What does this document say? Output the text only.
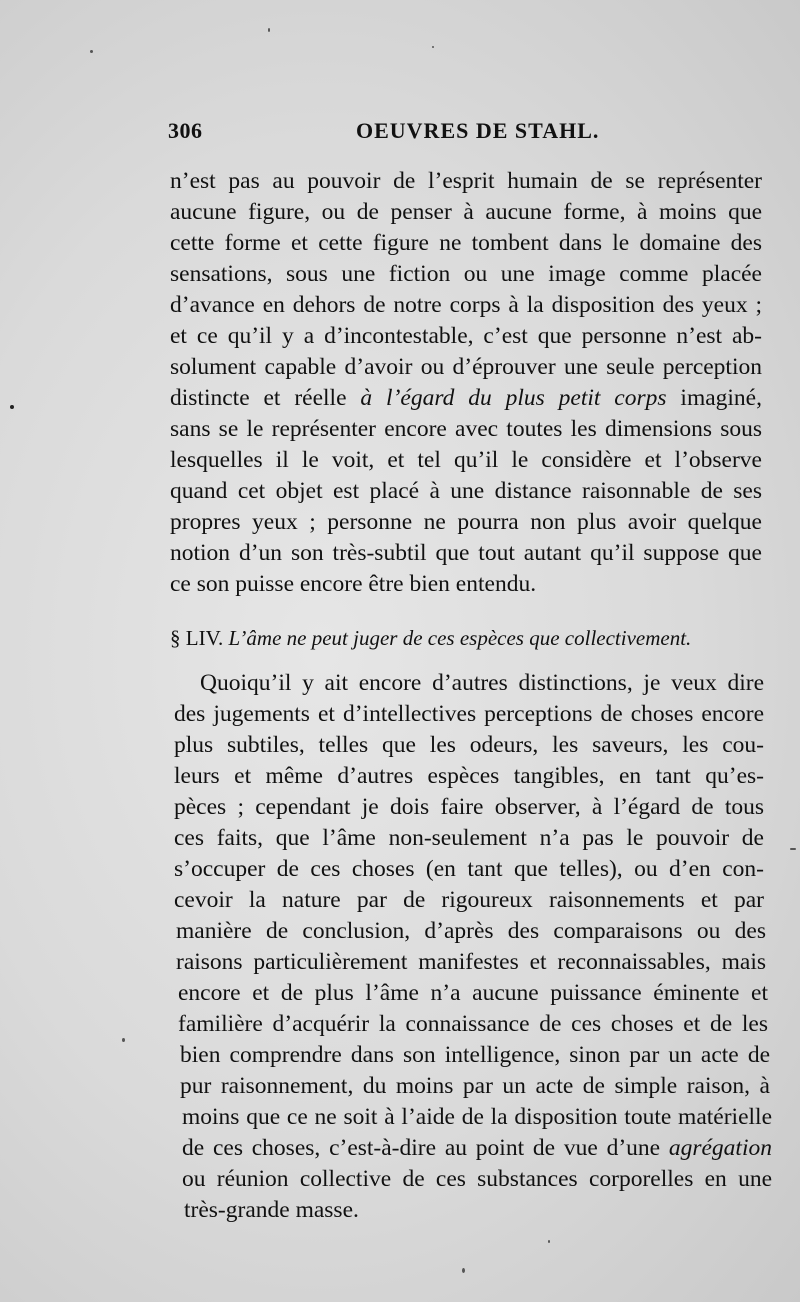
306	OEUVRES DE STAHL.
n’est pas au pouvoir de l’esprit humain de se représenter
aucune figure, ou de penser à aucune forme, à moins que
cette forme et cette figure ne tombent dans le domaine des
sensations, sous une fiction ou une image comme placée
d’avance en dehors de notre corps à la disposition des yeux ;
et ce qu’il y a d’incontestable, c’est que personne n’est ab-
solument capable d’avoir ou d’éprouver une seule perception
distincte et réelle à l’égard du plus petit corps imaginé,
sans se le représenter encore avec toutes les dimensions sous
lesquelles il le voit, et tel qu’il le considère et l’observe
quand cet objet est placé à une distance raisonnable de ses
propres yeux ; personne ne pourra non plus avoir quelque
notion d’un son très-subtil que tout autant qu’il suppose que
ce son puisse encore être bien entendu.
§ LIV. L’âme ne peut juger de ces espèces que collectivement.
Quoiqu’il y ait encore d’autres distinctions, je veux dire
des jugements et d’intellectives perceptions de choses encore
plus subtiles, telles que les odeurs, les saveurs, les cou-
leurs et même d’autres espèces tangibles, en tant qu’es-
pèces ; cependant je dois faire observer, à l’égard de tous
ces faits, que l’âme non-seulement n’a pas le pouvoir de
s’occuper de ces choses (en tant que telles), ou d’en con-
cevoir la nature par de rigoureux raisonnements et par
manière de conclusion, d’après des comparaisons ou des
raisons particulièrement manifestes et reconnaissables, mais
encore et de plus l’âme n’a aucune puissance éminente et
familière d’acquérir la connaissance de ces choses et de les
bien comprendre dans son intelligence, sinon par un acte de
pur raisonnement, du moins par un acte de simple raison, à
moins que ce ne soit à l’aide de la disposition toute matérielle
de ces choses, c’est-à-dire au point de vue d’une agrégation
ou réunion collective de ces substances corporelles en une
très-grande masse.
